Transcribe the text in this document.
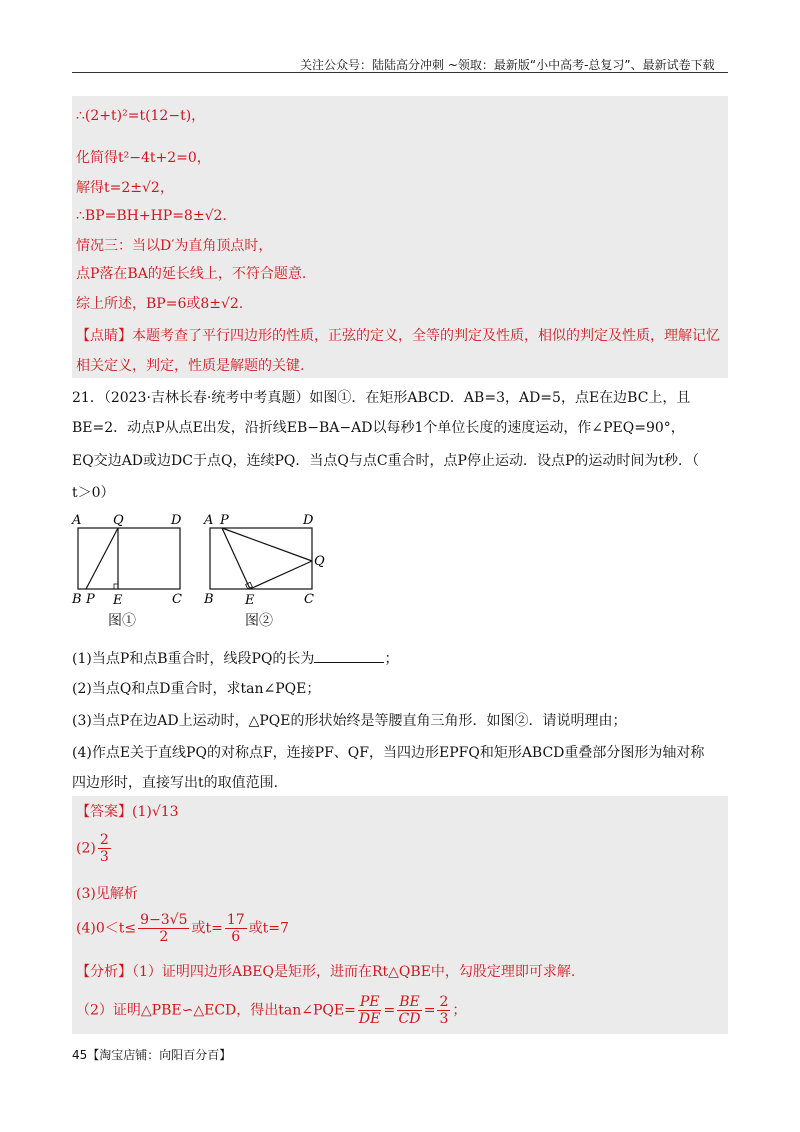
关注公众号：陆陆高分冲刺 ~领取：最新版“小中高考-总复习”、最新试卷下载
∴(2+t)²=t(12−t)，
化简得t²−4t+2=0，
解得t=2±√2，
∴BP=BH+HP=8±√2.
情况三：当以D′为直角顶点时，
点P落在BA的延长线上，不符合题意.
综上所述，BP=6或8±√2.
【点睛】本题考查了平行四边形的性质，正弦的定义，全等的判定及性质，相似的判定及性质，理解记忆
相关定义，判定，性质是解题的关键.
21．（2023·吉林长春·统考中考真题）如图①．在矩形ABCD．AB=3，AD=5，点E在边BC上，且
BE=2．动点P从点E出发，沿折线EB−BA−AD以每秒1个单位长度的速度运动，作∠PEQ=90°，
EQ交边AD或边DC于点Q，连续PQ．当点Q与点C重合时，点P停止运动．设点P的运动时间为t秒．（
t＞0）
A Q	D
B P E	C
图①
A P	D
Q
B E	C
图②
(1)当点P和点B重合时，线段PQ的长为	；
(2)当点Q和点D重合时，求tan∠PQE；
(3)当点P在边AD上运动时，△PQE的形状始终是等腰直角三角形．如图②．请说明理由；
(4)作点E关于直线PQ的对称点F，连接PF、QF，当四边形EPFQ和矩形ABCD重叠部分图形为轴对称
四边形时，直接写出t的取值范围.
【答案】(1)√13
$(2) \frac{2}{3}$
(3)见解析
$(4)0<t\le \frac{9-3√5}{2}$ 或$t= \frac{17}{6}$ 或t=7
【分析】（1）证明四边形ABEQ是矩形，进而在Rt△QBE中，勾股定理即可求解.
（2）证明△PBE∽△ECD，得出tan∠PQE= $\frac{PE}{DE} = \frac{BE}{CD} = \frac{2}{3}$ ；
45【淘宝店铺：向阳百分百】
